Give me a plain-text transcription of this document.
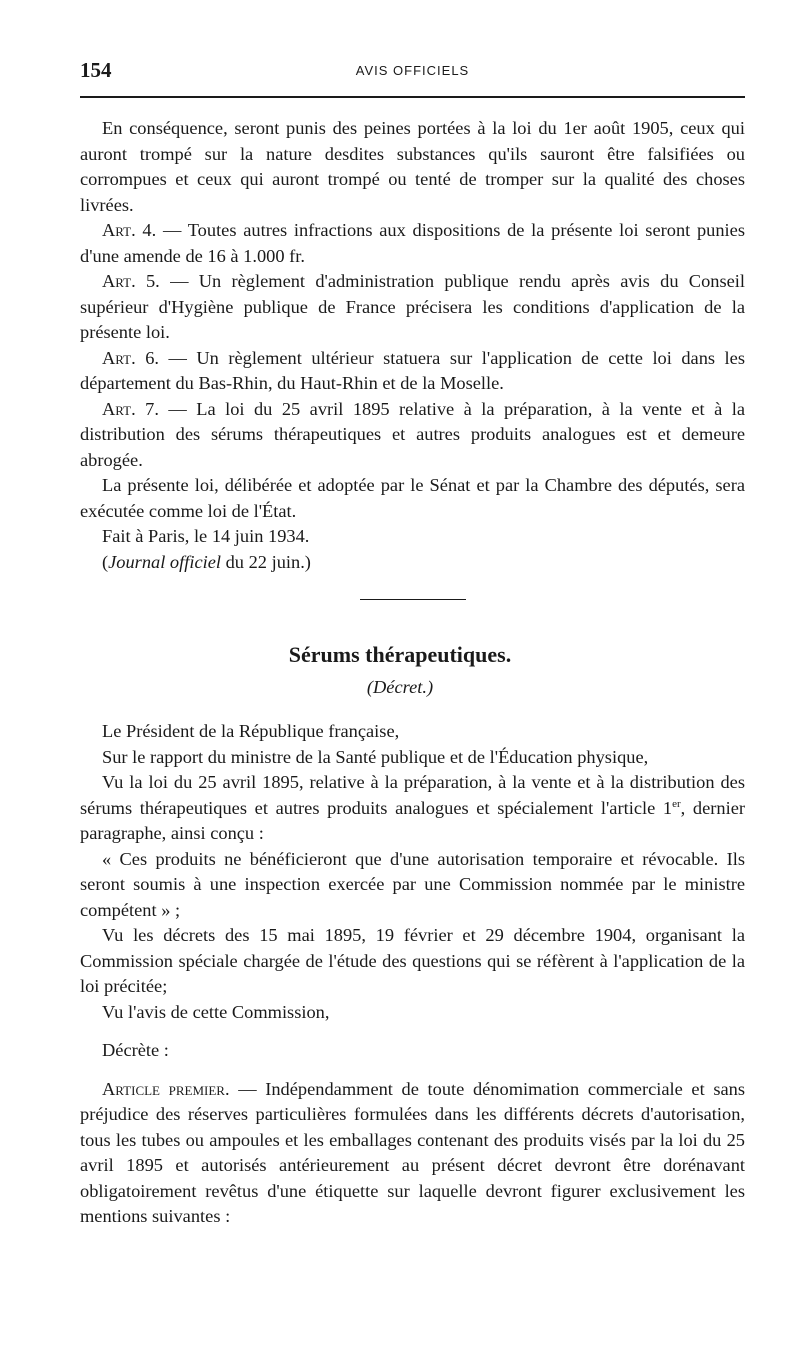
154	AVIS OFFICIELS

En conséquence, seront punis des peines portées à la loi du 1er août 1905, ceux qui auront trompé sur la nature desdites substances qu'ils sauront être falsifiées ou corrompues et ceux qui auront trompé ou tenté de tromper sur la qualité des choses livrées.

Art. 4. — Toutes autres infractions aux dispositions de la présente loi seront punies d'une amende de 16 à 1.000 fr.

Art. 5. — Un règlement d'administration publique rendu après avis du Conseil supérieur d'Hygiène publique de France précisera les conditions d'application de la présente loi.

Art. 6. — Un règlement ultérieur statuera sur l'application de cette loi dans les département du Bas-Rhin, du Haut-Rhin et de la Moselle.

Art. 7. — La loi du 25 avril 1895 relative à la préparation, à la vente et à la distribution des sérums thérapeutiques et autres produits analogues est et demeure abrogée.

La présente loi, délibérée et adoptée par le Sénat et par la Chambre des députés, sera exécutée comme loi de l'État.

Fait à Paris, le 14 juin 1934.

(Journal officiel du 22 juin.)

Sérums thérapeutiques.
(Décret.)

Le Président de la République française,

Sur le rapport du ministre de la Santé publique et de l'Éducation physique,

Vu la loi du 25 avril 1895, relative à la préparation, à la vente et à la distribution des sérums thérapeutiques et autres produits analogues et spécialement l'article 1er, dernier paragraphe, ainsi conçu :

« Ces produits ne bénéficieront que d'une autorisation temporaire et révocable. Ils seront soumis à une inspection exercée par une Commission nommée par le ministre compétent » ;

Vu les décrets des 15 mai 1895, 19 février et 29 décembre 1904, organisant la Commission spéciale chargée de l'étude des questions qui se réfèrent à l'application de la loi précitée;

Vu l'avis de cette Commission,

Décrète :

Article premier. — Indépendamment de toute dénomimation commerciale et sans préjudice des réserves particulières formulées dans les différents décrets d'autorisation, tous les tubes ou ampoules et les emballages contenant des produits visés par la loi du 25 avril 1895 et autorisés antérieurement au présent décret devront être dorénavant obligatoirement revêtus d'une étiquette sur laquelle devront figurer exclusivement les mentions suivantes :
